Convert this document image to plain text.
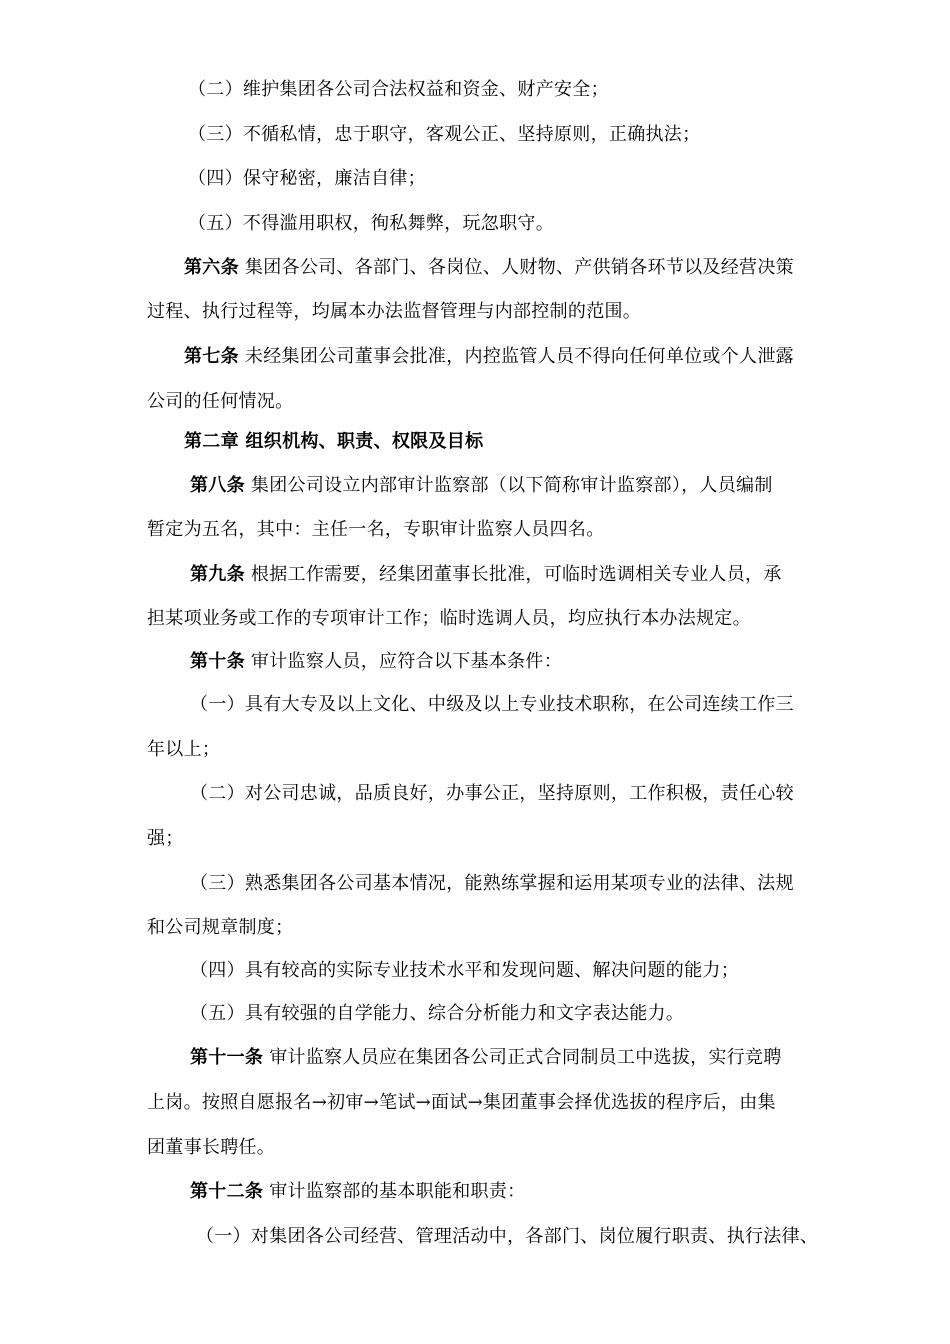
（二）维护集团各公司合法权益和资金、财产安全；
（三）不循私情，忠于职守，客观公正、坚持原则，正确执法；
（四）保守秘密，廉洁自律；
（五）不得滥用职权，徇私舞弊，玩忽职守。
第六条 集团各公司、各部门、各岗位、人财物、产供销各环节以及经营决策
过程、执行过程等，均属本办法监督管理与内部控制的范围。
第七条 未经集团公司董事会批准，内控监管人员不得向任何单位或个人泄露
公司的任何情况。
第二章 组织机构、职责、权限及目标
第八条 集团公司设立内部审计监察部（以下简称审计监察部），人员编制
暂定为五名，其中：主任一名，专职审计监察人员四名。
第九条 根据工作需要，经集团董事长批准，可临时选调相关专业人员，承
担某项业务或工作的专项审计工作；临时选调人员，均应执行本办法规定。
第十条 审计监察人员，应符合以下基本条件：
（一）具有大专及以上文化、中级及以上专业技术职称，在公司连续工作三
年以上；
（二）对公司忠诚，品质良好，办事公正，坚持原则，工作积极，责任心较
强；
（三）熟悉集团各公司基本情况，能熟练掌握和运用某项专业的法律、法规
和公司规章制度；
（四）具有较高的实际专业技术水平和发现问题、解决问题的能力；
（五）具有较强的自学能力、综合分析能力和文字表达能力。
第十一条 审计监察人员应在集团各公司正式合同制员工中选拔，实行竞聘
上岗。按照自愿报名→初审→笔试→面试→集团董事会择优选拔的程序后，由集
团董事长聘任。
第十二条 审计监察部的基本职能和职责：
（一）对集团各公司经营、管理活动中，各部门、岗位履行职责、执行法律、
